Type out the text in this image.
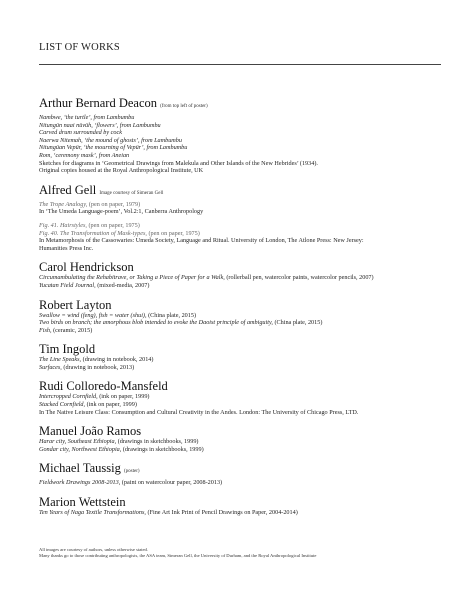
LIST OF WORKS
Arthur Bernard Deacon (from top left of poster)
Nambwe, ‘the turtle’, from Lambumbu
Nitungün naai nüvüh, ‘flowers’, from Lambumbu
Carved drum surrounded by cock
Naerwa Nitemah, ‘the mound of ghosts’, from Lambumbu
Nitungüan Vepür, ‘the mourning of Vepür’, from Lambumbu
Rom, ‘ceremony mask’, from Aneian
Sketches for diagrams in ‘Geometrical Drawings from Malekula and Other Islands of the New Hebrides’ (1934).
Original copies housed at the Royal Anthropological Institute, UK
Alfred Gell Image courtesy of Simeran Gell
The Trope Analogy, (pen on paper, 1979)
In ‘The Umeda Language-poem’, Vol.2:1, Canberra Anthropology
Fig. 41. Hairstyles, (pen on paper, 1975)
Fig. 40. The Transformation of Mask-types, (pen on paper, 1975)
In Metamorphosis of the Cassowaries: Umeda Society, Language and Ritual. University of London, The Atlone Press: New Jersey:
Humanities Press Inc.
Carol Hendrickson
Circumambulating the Rehabitrave, or Taking a Piece of Paper for a Walk, (rollerball pen, watercolor paints, watercolor pencils, 2007)
Yucatan Field Journal, (mixed-media, 2007)
Robert Layton
Swallow = wind (feng), fish = water (shui), (China plate, 2015)
Two birds on branch; the amorphous blob intended to evoke the Daoist principle of ambiguity, (China plate, 2015)
Fish, (ceramic, 2015)
Tim Ingold
The Line Speaks, (drawing in notebook, 2014)
Surfaces, (drawing in notebook, 2013)
Rudi Colloredo-Mansfeld
Intercropped Cornfield, (ink on paper, 1999)
Stacked Cornfield, (ink on paper, 1999)
In The Native Leisure Class: Consumption and Cultural Creativity in the Andes. London: The University of Chicago Press, LTD.
Manuel João Ramos
Harar city, Southeast Ethiopia, (drawings in sketchbooks, 1999)
Gondar city, Northwest Ethiopia, (drawings in sketchbooks, 1999)
Michael Taussig (poster)
Fieldwork Drawings 2008-2013, (paint on watercolour paper, 2008-2013)
Marion Wettstein
Ten Years of Naga Textile Transformations, (Fine Art Ink Print of Pencil Drawings on Paper, 2004-2014)
All images are courtesy of authors, unless otherwise stated.
Many thanks go to those contributing anthropologists, the ASA team, Simeran Gell, the University of Durham, and the Royal Anthropological Institute
